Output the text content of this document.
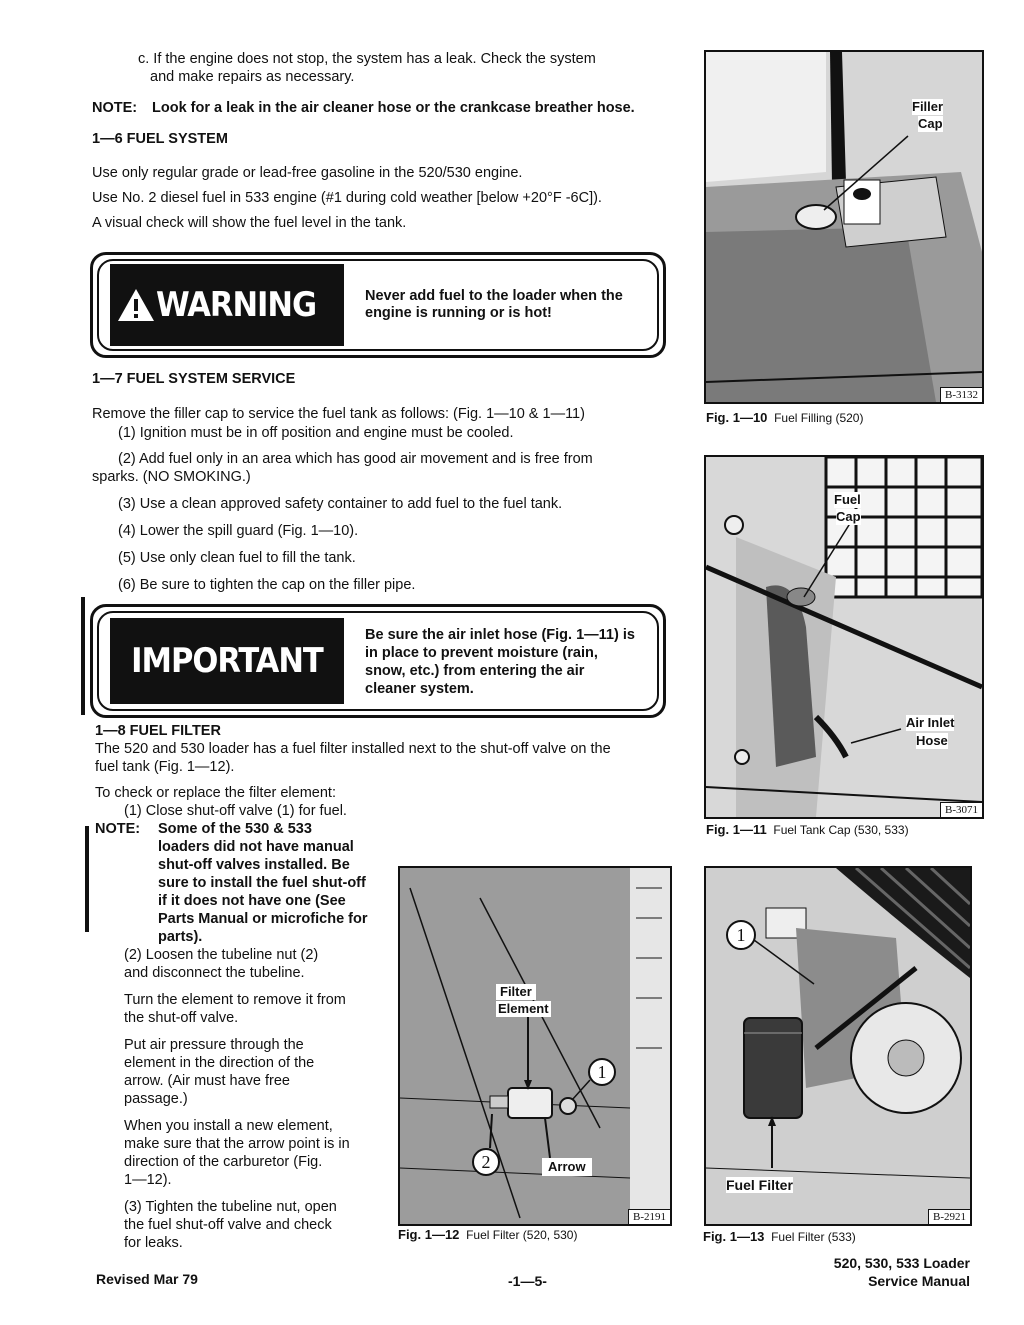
c. If the engine does not stop, the system has a leak. Check the system

and make repairs as necessary.

NOTE: Look for a leak in the air cleaner hose or the crankcase breather hose.

1—6 FUEL SYSTEM

Use only regular grade or lead-free gasoline in the 520/530 engine.

Use No. 2 diesel fuel in 533 engine (#1 during cold weather [below +20°F -6C]).

A visual check will show the fuel level in the tank.

WARNING	Never add fuel to the loader when the

engine is running or is hot!

1—7 FUEL SYSTEM SERVICE

Remove the filler cap to service the fuel tank as follows: (Fig. 1—10 & 1—11)

(1) Ignition must be in off position and engine must be cooled.

(2) Add fuel only in an area which has good air movement and is free from

sparks. (NO SMOKING.)

(3) Use a clean approved safety container to add fuel to the fuel tank.

(4) Lower the spill guard (Fig. 1—10).

(5) Use only clean fuel to fill the tank.

(6) Be sure to tighten the cap on the filler pipe.

IMPORTANT

Be sure the air inlet hose (Fig. 1—11) is

in place to prevent moisture (rain,

snow, etc.) from entering the air

cleaner system.

1—8 FUEL FILTER

The 520 and 530 loader has a fuel filter installed next to the shut-off valve on the

fuel tank (Fig. 1—12).

To check or replace the filter element:

(1) Close shut-off valve (1) for fuel.

NOTE: Some of the 530 & 533

loaders did not have manual

shut-off valves installed. Be

sure to install the fuel shut-off

if it does not have one (See

Parts Manual or microfiche for

parts).

(2) Loosen the tubeline nut (2)

and disconnect the tubeline.

Turn the element to remove it from

the shut-off valve.

Put air pressure through the

element in the direction of the

arrow. (Air must have free

passage.)

When you install a new element,

make sure that the arrow point is in

direction of the carburetor (Fig.

1—12).

(3) Tighten the tubeline nut, open

the fuel shut-off valve and check

for leaks.

Filler

Cap

B-3132

Fig. 1—10 Fuel Filling (520)

Fuel

Cap

Air Inlet

Hose

B-3071

Fig. 1—11 Fuel Tank Cap (530, 533)

Filter

Element

Arrow

1
2
B-2191

Fig. 1—12 Fuel Filter (520, 530)

1

Fuel Filter

B-2921

Fig. 1—13 Fuel Filter (533)

Revised Mar 79	-1—5-

520, 530, 533 Loader

Service Manual
